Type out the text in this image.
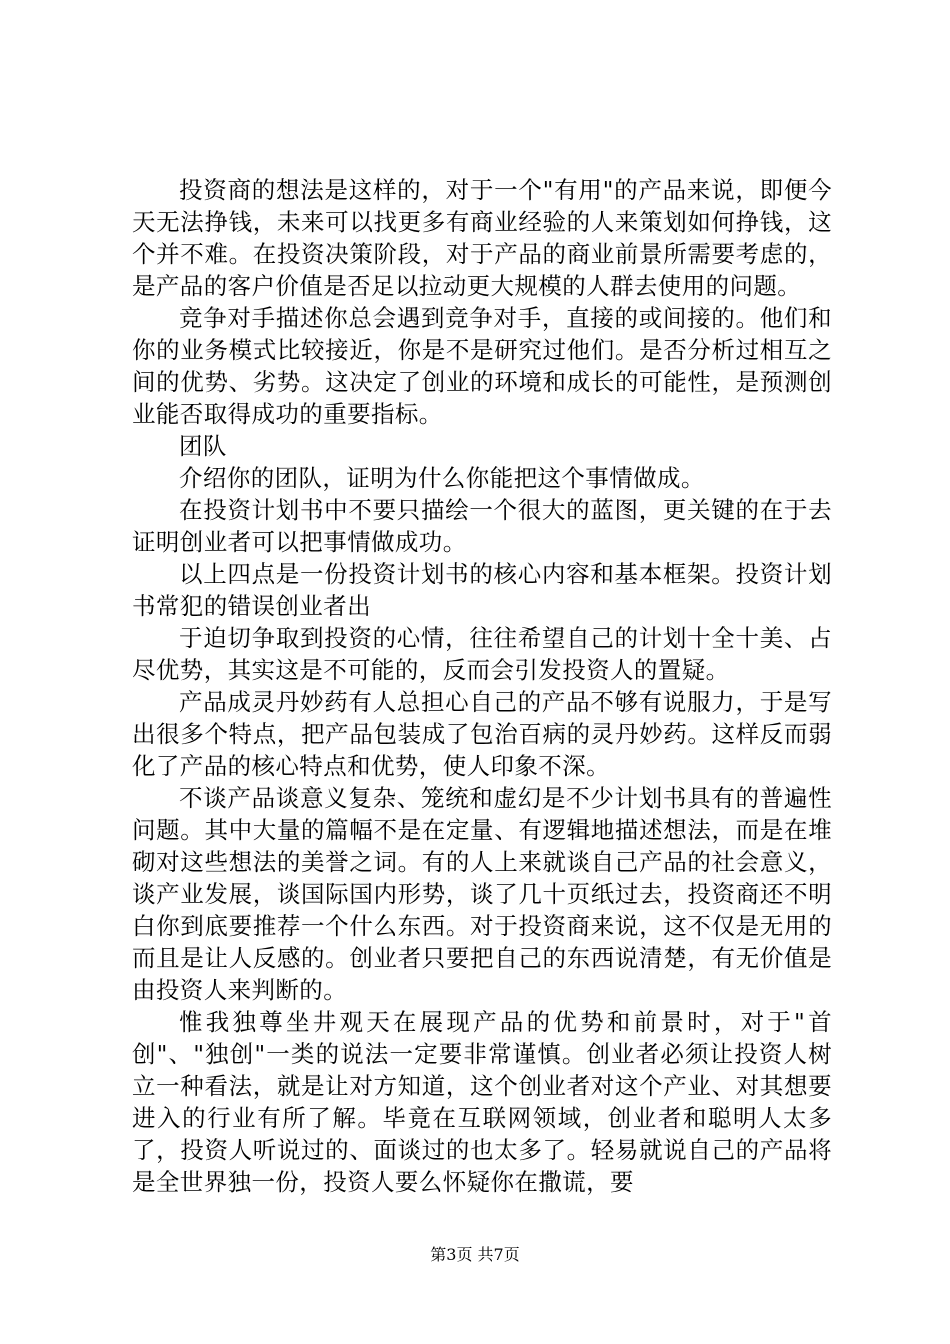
投资商的想法是这样的，对于一个"有用"的产品来说，即便今天无法挣钱，未来可以找更多有商业经验的人来策划如何挣钱，这个并不难。在投资决策阶段，对于产品的商业前景所需要考虑的，是产品的客户价值是否足以拉动更大规模的人群去使用的问题。

竞争对手描述你总会遇到竞争对手，直接的或间接的。他们和你的业务模式比较接近，你是不是研究过他们。是否分析过相互之间的优势、劣势。这决定了创业的环境和成长的可能性，是预测创业能否取得成功的重要指标。

团队

介绍你的团队，证明为什么你能把这个事情做成。

在投资计划书中不要只描绘一个很大的蓝图，更关键的在于去证明创业者可以把事情做成功。

以上四点是一份投资计划书的核心内容和基本框架。投资计划书常犯的错误创业者出

于迫切争取到投资的心情，往往希望自己的计划十全十美、占尽优势，其实这是不可能的，反而会引发投资人的置疑。

产品成灵丹妙药有人总担心自己的产品不够有说服力，于是写出很多个特点，把产品包装成了包治百病的灵丹妙药。这样反而弱化了产品的核心特点和优势，使人印象不深。

不谈产品谈意义复杂、笼统和虚幻是不少计划书具有的普遍性问题。其中大量的篇幅不是在定量、有逻辑地描述想法，而是在堆砌对这些想法的美誉之词。有的人上来就谈自己产品的社会意义，谈产业发展，谈国际国内形势，谈了几十页纸过去，投资商还不明白你到底要推荐一个什么东西。对于投资商来说，这不仅是无用的而且是让人反感的。创业者只要把自己的东西说清楚，有无价值是由投资人来判断的。

惟我独尊坐井观天在展现产品的优势和前景时，对于"首创"、"独创"一类的说法一定要非常谨慎。创业者必须让投资人树立一种看法，就是让对方知道，这个创业者对这个产业、对其想要进入的行业有所了解。毕竟在互联网领域，创业者和聪明人太多了，投资人听说过的、面谈过的也太多了。轻易就说自己的产品将是全世界独一份，投资人要么怀疑你在撒谎，要

第3页 共7页
